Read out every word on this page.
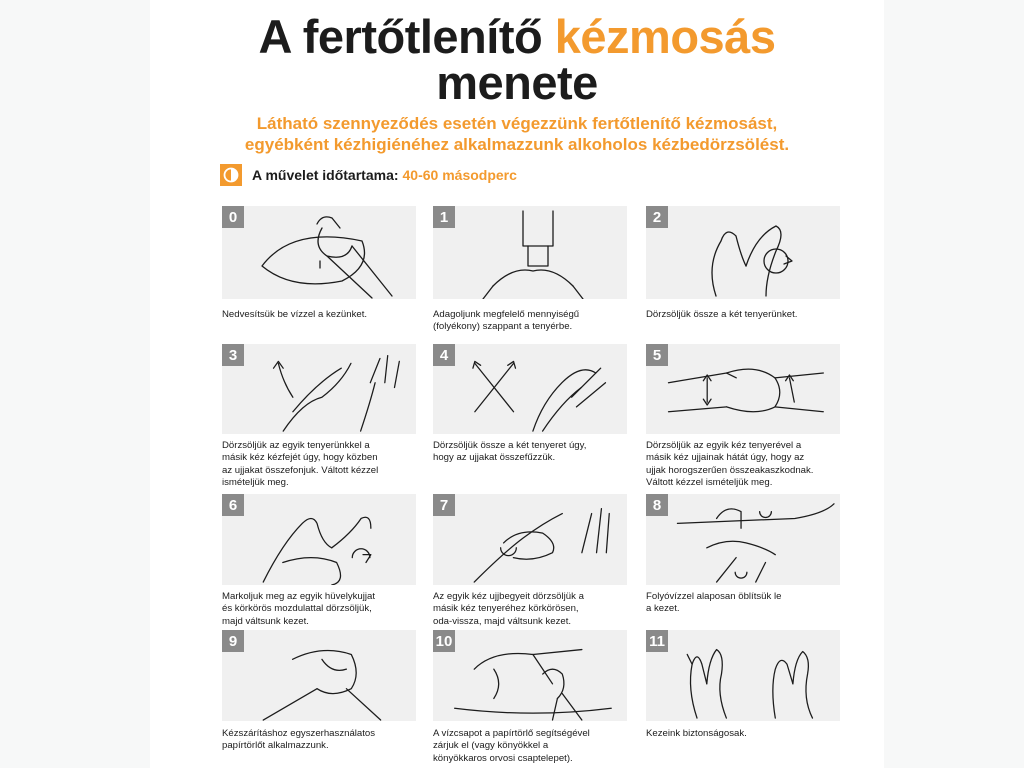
A fertőtlenítő kézmosás
menete
Látható szennyeződés esetén végezzünk fertőtlenítő kézmosást,
egyébként kézhigiénéhez alkalmazzunk alkoholos kézbedörzsölést.
A művelet időtartama: 40-60 másodperc
0
Nedvesítsük be vízzel a kezünket.
1
Adagoljunk megfelelő mennyiségű
(folyékony) szappant a tenyérbe.
2
Dörzsöljük össze a két tenyerünket.
3
Dörzsöljük az egyik tenyerünkkel a
másik kéz kézfejét úgy, hogy közben
az ujjakat összefonjuk. Váltott kézzel
ismételjük meg.
4
Dörzsöljük össze a két tenyeret úgy,
hogy az ujjakat összefűzzük.
5
Dörzsöljük az egyik kéz tenyerével a
másik kéz ujjainak hátát úgy, hogy az
ujjak horogszerűen összeakaszkodnak.
Váltott kézzel ismételjük meg.
6
Markoljuk meg az egyik hüvelykujjat
és körkörös mozdulattal dörzsöljük,
majd váltsunk kezet.
7
Az egyik kéz ujjbegyeit dörzsöljük a
másik kéz tenyeréhez körkörösen,
oda-vissza, majd váltsunk kezet.
8
Folyóvízzel alaposan öblítsük le
a kezet.
9
Kézszárításhoz egyszerhasználatos
papírtörlőt alkalmazzunk.
10
A vízcsapot a papírtörlő segítségével
zárjuk el (vagy könyökkel a
könyökkaros orvosi csaptelepet).
11
Kezeink biztonságosak.
